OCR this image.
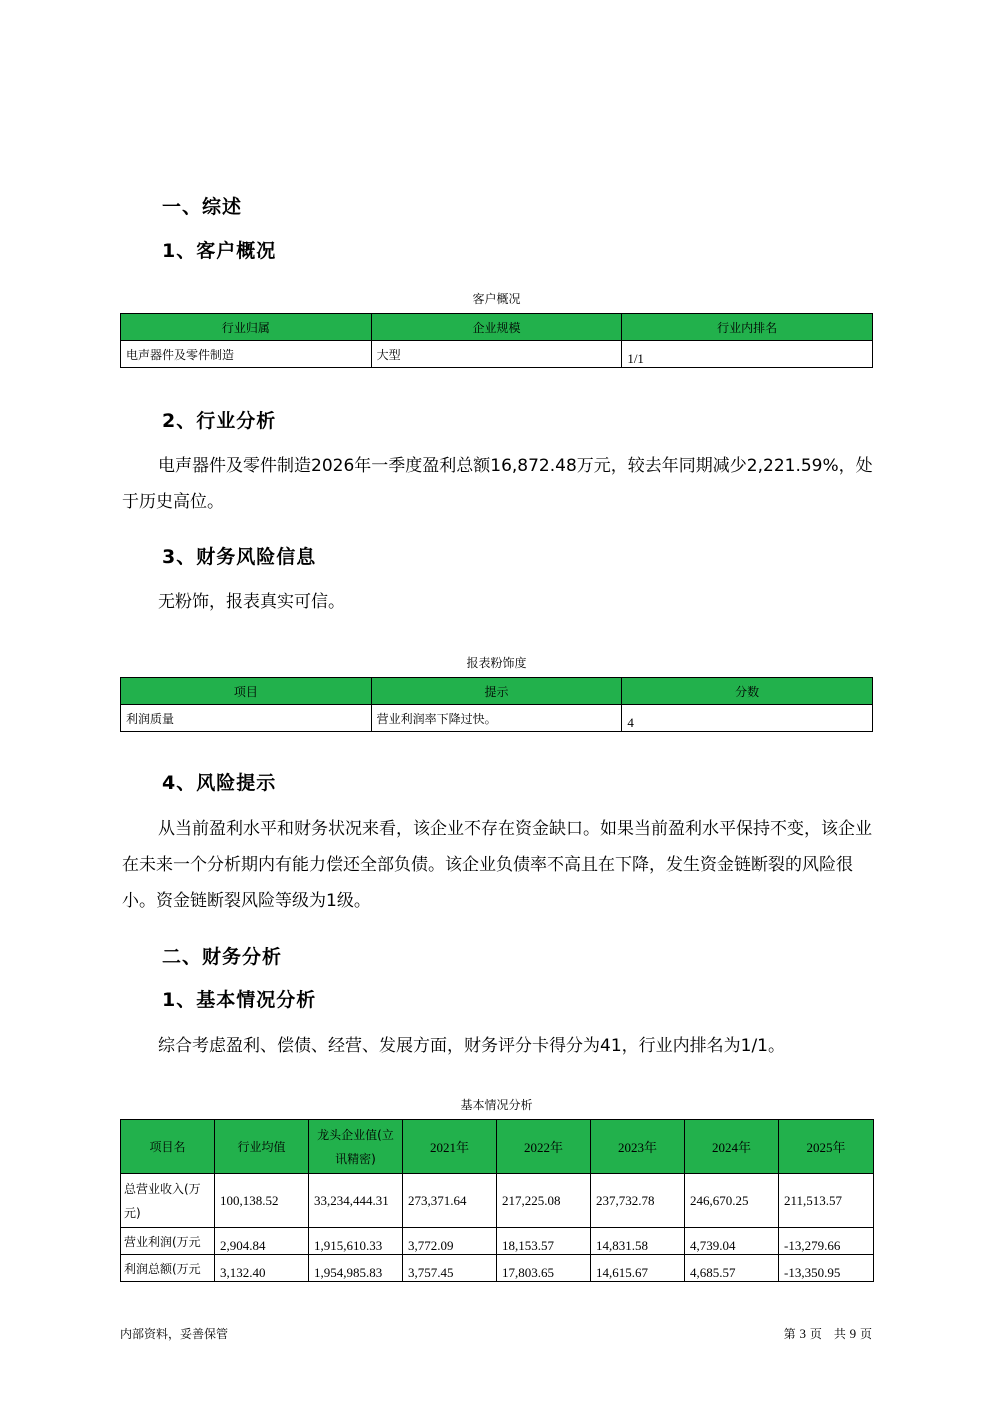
一、综述
1、客户概况
客户概况
行业归属	企业规模	行业内排名
电声器件及零件制造	大型	1/1
2、行业分析
电声器件及零件制造2026年一季度盈利总额16,872.48万元，较去年同期减少2,221.59%，处于历史高位。
3、财务风险信息
无粉饰，报表真实可信。
报表粉饰度
项目	提示	分数
利润质量	营业利润率下降过快。	4
4、风险提示
从当前盈利水平和财务状况来看，该企业不存在资金缺口。如果当前盈利水平保持不变，该企业在未来一个分析期内有能力偿还全部负债。该企业负债率不高且在下降，发生资金链断裂的风险很小。资金链断裂风险等级为1级。
二、财务分析
1、基本情况分析
综合考虑盈利、偿债、经营、发展方面，财务评分卡得分为41，行业内排名为1/1。
基本情况分析
项目名	行业均值	龙头企业值(立讯精密)	2021年	2022年	2023年	2024年	2025年
总营业收入(万元)	100,138.52	33,234,444.31	273,371.64	217,225.08	237,732.78	246,670.25	211,513.57
营业利润(万元	2,904.84	1,915,610.33	3,772.09	18,153.57	14,831.58	4,739.04	-13,279.66
利润总额(万元	3,132.40	1,954,985.83	3,757.45	17,803.65	14,615.67	4,685.57	-13,350.95
内部资料，妥善保管	第 3 页　共 9 页
